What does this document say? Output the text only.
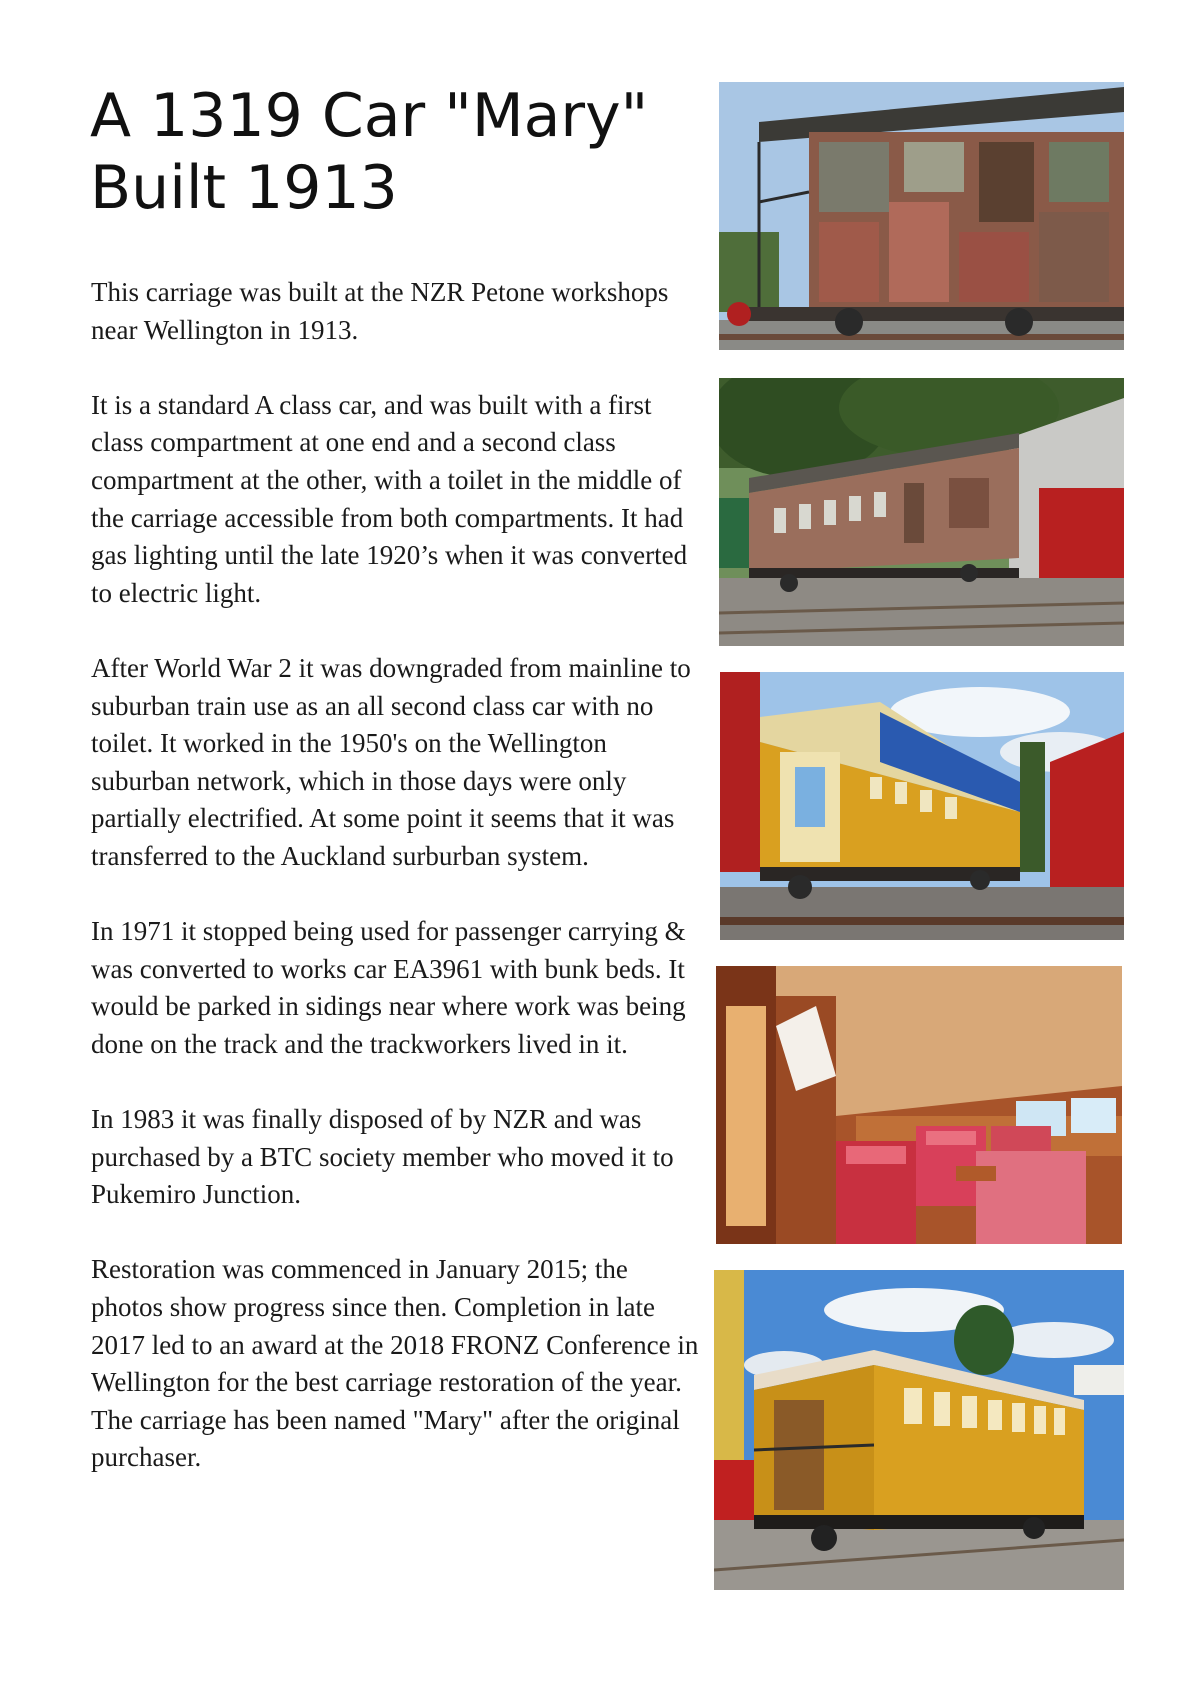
A 1319 Car "Mary"
Built 1913

This carriage was built at the NZR Petone workshops near Wellington in 1913.

It is a standard A class car, and was built with a first class compartment at one end and a second class compartment at the other, with a toilet in the middle of the carriage accessible from both compartments. It had gas lighting until the late 1920’s when it was converted to electric light.

After World War 2 it was downgraded from mainline to suburban train use as an all second class car with no toilet. It worked in the 1950's on the Wellington suburban network, which in those days were only partially electrified. At some point it seems that it was transferred to the Auckland surburban system.

In 1971 it stopped being used for passenger carrying & was converted to works car EA3961 with bunk beds. It would be parked in sidings near where work was being done on the track and the trackworkers lived in it.

In 1983 it was finally disposed of by NZR and was purchased by a BTC society member who moved it to Pukemiro Junction.

Restoration was commenced in January 2015; the photos show progress since then. Completion in late 2017 led to an award at the 2018 FRONZ Conference in Wellington for the best carriage restoration of the year. The carriage has been named "Mary" after the original purchaser.
